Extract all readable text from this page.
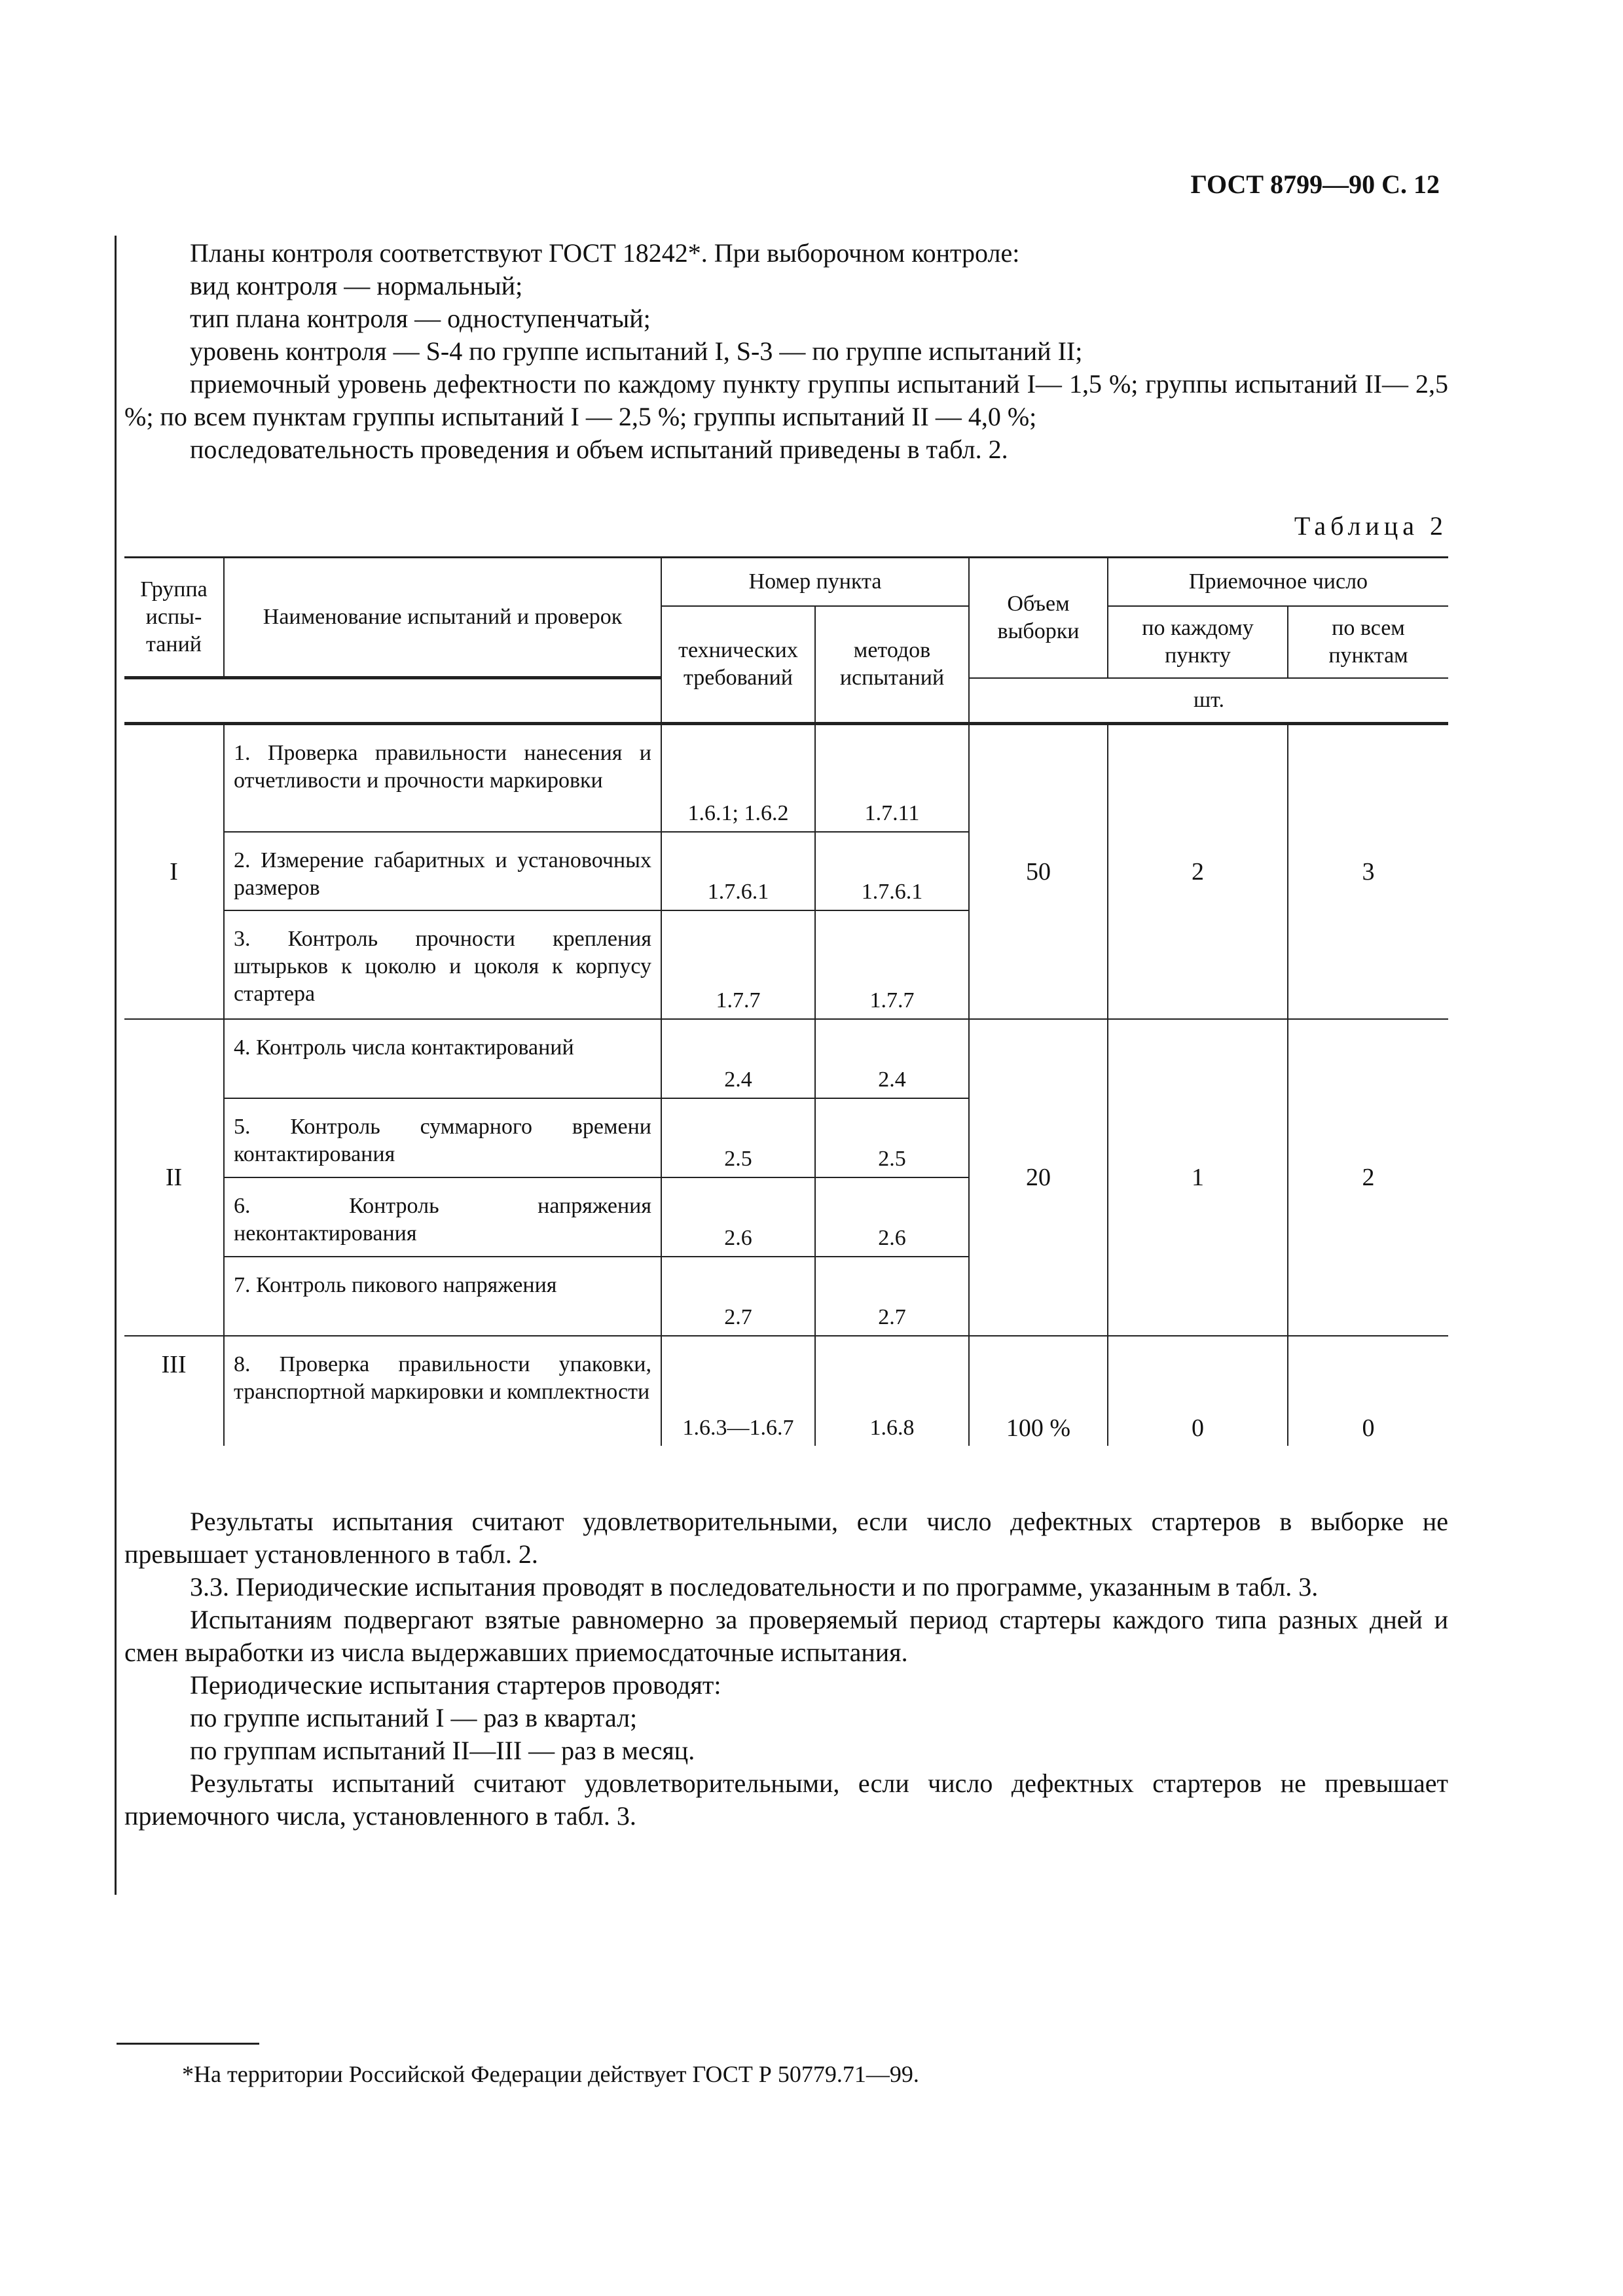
ГОСТ 8799—90 С. 12

Планы контроля соответствуют ГОСТ 18242*. При выборочном контроле:

вид контроля — нормальный;

тип плана контроля — одноступенчатый;

уровень контроля — S-4 по группе испытаний I, S-3 — по группе испытаний II;

приемочный уровень дефектности по каждому пункту группы испытаний I— 1,5 %; группы испытаний II— 2,5 %; по всем пунктам группы испытаний I — 2,5 %; группы испытаний II — 4,0 %;

последовательность проведения и объем испытаний приведены в табл. 2.

Таблица 2
Группа испы- таний	Наименование испытаний и проверок	Номер пункта		Объем выборки	Приемочное число	
		технических требований	методов испытаний		по каждому пункту	по всем пунктам
				шт.		
I	1. Проверка правильности нанесения и отчетливости и прочности маркировки	1.6.1; 1.6.2	1.7.11	50	2	3
	2. Измерение габаритных и установочных размеров	1.7.6.1	1.7.6.1			
	3. Контроль прочности крепления штырьков к цоколю и цоколя к корпусу стартера	1.7.7	1.7.7			
II	4. Контроль числа контактирований	2.4	2.4	20	1	2
	5. Контроль суммарного времени контактирования	2.5	2.5			
	6. Контроль напряжения неконтактирования	2.6	2.6			
	7. Контроль пикового напряжения	2.7	2.7			
III	8. Проверка правильности упаковки, транспортной маркировки и комплектности	1.6.3—1.6.7	1.6.8	100 %	0	0

Результаты испытания считают удовлетворительными, если число дефектных стартеров в выборке не превышает установленного в табл. 2.

3.3. Периодические испытания проводят в последовательности и по программе, указанным в табл. 3.

Испытаниям подвергают взятые равномерно за проверяемый период стартеры каждого типа разных дней и смен выработки из числа выдержавших приемосдаточные испытания.

Периодические испытания стартеров проводят:

по группе испытаний I — раз в квартал;

по группам испытаний II—III — раз в месяц.

Результаты испытаний считают удовлетворительными, если число дефектных стартеров не превышает приемочного числа, установленного в табл. 3.

*На территории Российской Федерации действует ГОСТ Р 50779.71—99.
